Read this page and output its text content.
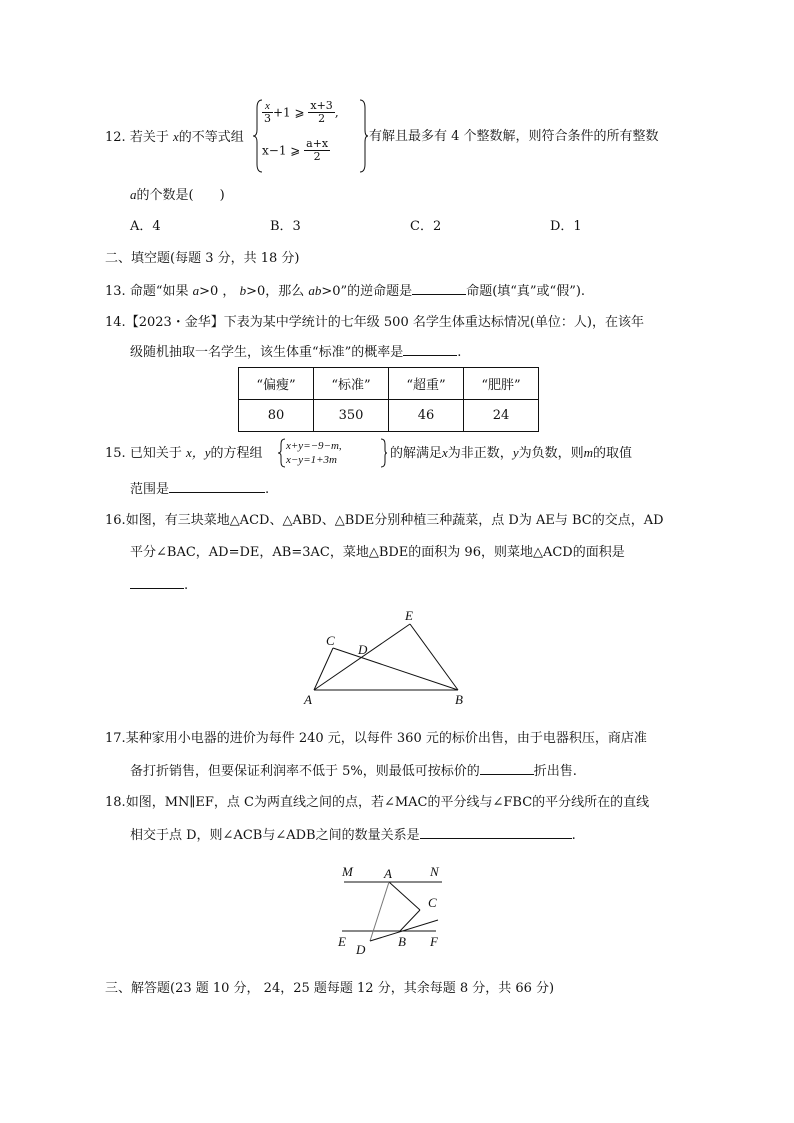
12. 若关于 x的不等式组
$\frac{x}{3} +1$ ⩾ $\frac{x+3}{2}$ ,
x−1 ⩾ $\frac{a+x}{2}$
有解且最多有 4 个整数解，则符合条件的所有整数
a的个数是(　　)
A．4	B．3	C．2	D．1
二、填空题(每题 3 分，共 18 分)
13. 命题“如果 a>0 ， b>0，那么 ab>0”的逆命题是	命题(填“真”或“假”).
14.【2023・金华】下表为某中学统计的七年级 500 名学生体重达标情况(单位：人)，在该年
级随机抽取一名学生，该生体重“标准”的概率是	.
“偏瘦”	“标准”	“超重”	“肥胖”
80	350	46	24
15. 已知关于 x，y的方程组 x+y=−9−m,
x−y=1+3m	的解满足x为非正数，y为负数，则m的取值
范围是	.
16.如图，有三块菜地△ACD、△ABD、△BDE分别种植三种蔬菜，点 D为 AE与 BC的交点，AD
平分∠BAC，AD=DE，AB=3AC，菜地△BDE的面积为 96，则菜地△ACD的面积是
.
A	B
C
D
E
17.某种家用小电器的进价为每件 240 元，以每件 360 元的标价出售，由于电器积压，商店准
备打折销售，但要保证利润率不低于 5%，则最低可按标价的	折出售.
18.如图，MN∥EF，点 C为两直线之间的点，若∠MAC的平分线与∠FBC的平分线所在的直线
相交于点 D，则∠ACB与∠ADB之间的数量关系是	.
M A	N
C
E
D
B F
三、解答题(23 题 10 分， 24，25 题每题 12 分，其余每题 8 分，共 66 分)
